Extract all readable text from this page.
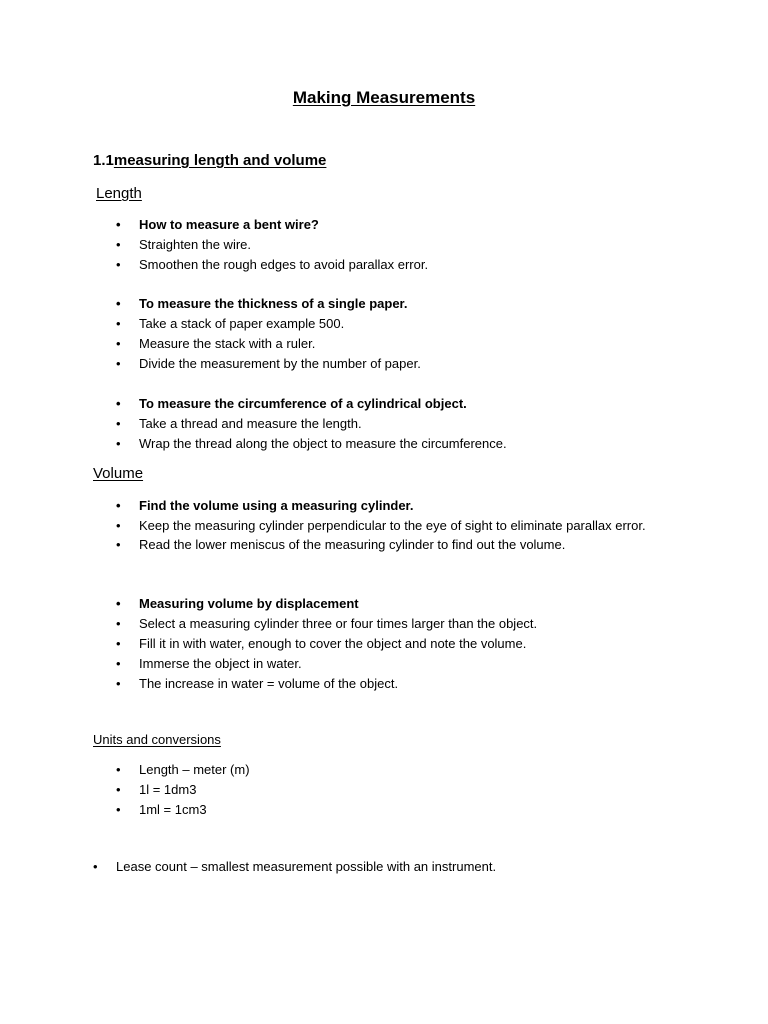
Making Measurements
1.1measuring length and volume
Length
• How to measure a bent wire?
• Straighten the wire.
• Smoothen the rough edges to avoid parallax error.
• To measure the thickness of a single paper.
• Take a stack of paper example 500.
• Measure the stack with a ruler.
• Divide the measurement by the number of paper.
• To measure the circumference of a cylindrical object.
• Take a thread and measure the length.
• Wrap the thread along the object to measure the circumference.
Volume
• Find the volume using a measuring cylinder.
• Keep the measuring cylinder perpendicular to the eye of sight to eliminate parallax error.
• Read the lower meniscus of the measuring cylinder to find out the volume.
• Measuring volume by displacement
• Select a measuring cylinder three or four times larger than the object.
• Fill it in with water, enough to cover the object and note the volume.
• Immerse the object in water.
• The increase in water = volume of the object.
Units and conversions
• Length – meter (m)
• 1l = 1dm3
• 1ml = 1cm3
• Lease count – smallest measurement possible with an instrument.
